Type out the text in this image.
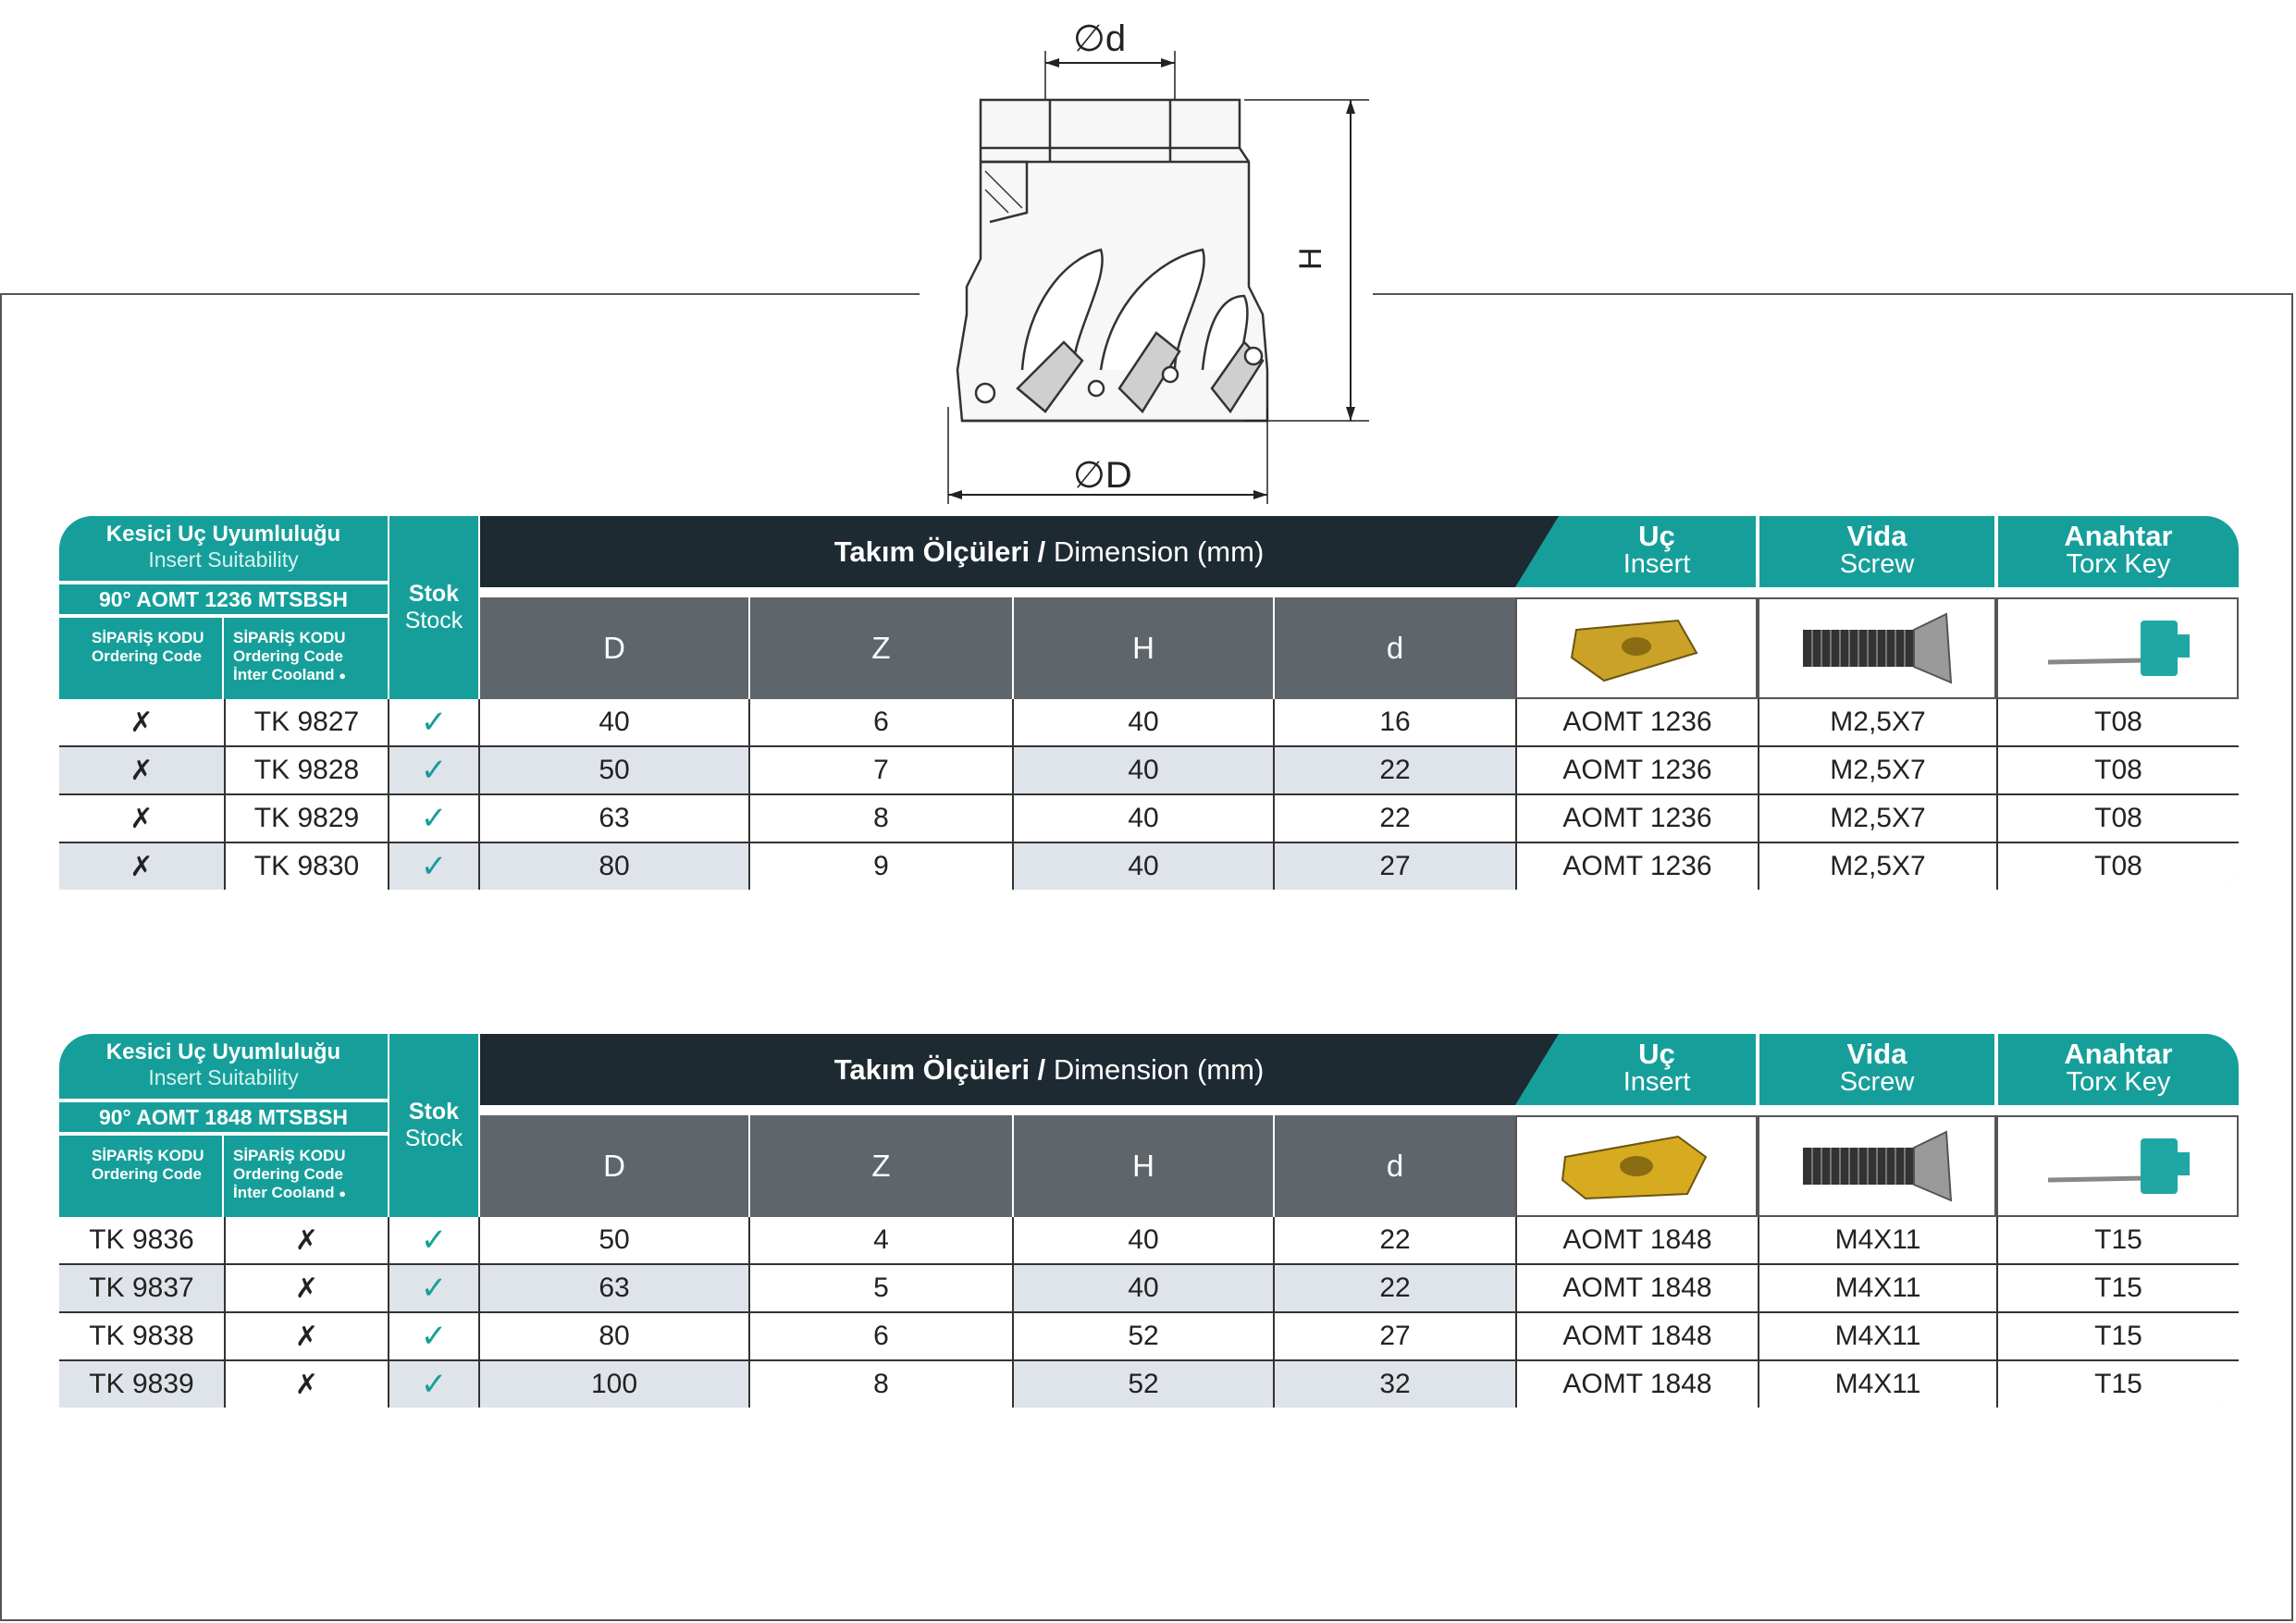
∅d
H
∅D
Kesici Uç Uyumluluğu
Insert Suitability
90° AOMT 1236 MTSBSH
SİPARİŞ KODU
Ordering Code
SİPARİŞ KODU
Ordering Code
İnter Cooland ●
Stok
Stock
Takım Ölçüleri / Dimension (mm)	Uç
Insert
Vida
Screw
Anahtar
Torx Key
D	Z	H	d
✗	TK 9827	✓	40	6	40	16	AOMT 1236	M2,5X7	T08
✗	TK 9828	✓	50	7	40	22	AOMT 1236	M2,5X7	T08
✗	TK 9829	✓	63	8	40	22	AOMT 1236	M2,5X7	T08
✗	TK 9830	✓	80	9	40	27	AOMT 1236	M2,5X7	T08
Kesici Uç Uyumluluğu
Insert Suitability
90° AOMT 1848 MTSBSH
SİPARİŞ KODU
Ordering Code
SİPARİŞ KODU
Ordering Code
İnter Cooland ●
Stok
Stock
Takım Ölçüleri / Dimension (mm)	Uç
Insert
Vida
Screw
Anahtar
Torx Key
D	Z	H	d
TK 9836	✗	✓	50	4	40	22	AOMT 1848	M4X11	T15
TK 9837	✗	✓	63	5	40	22	AOMT 1848	M4X11	T15
TK 9838	✗	✓	80	6	52	27	AOMT 1848	M4X11	T15
TK 9839	✗	✓	100	8	52	32	AOMT 1848	M4X11	T15
